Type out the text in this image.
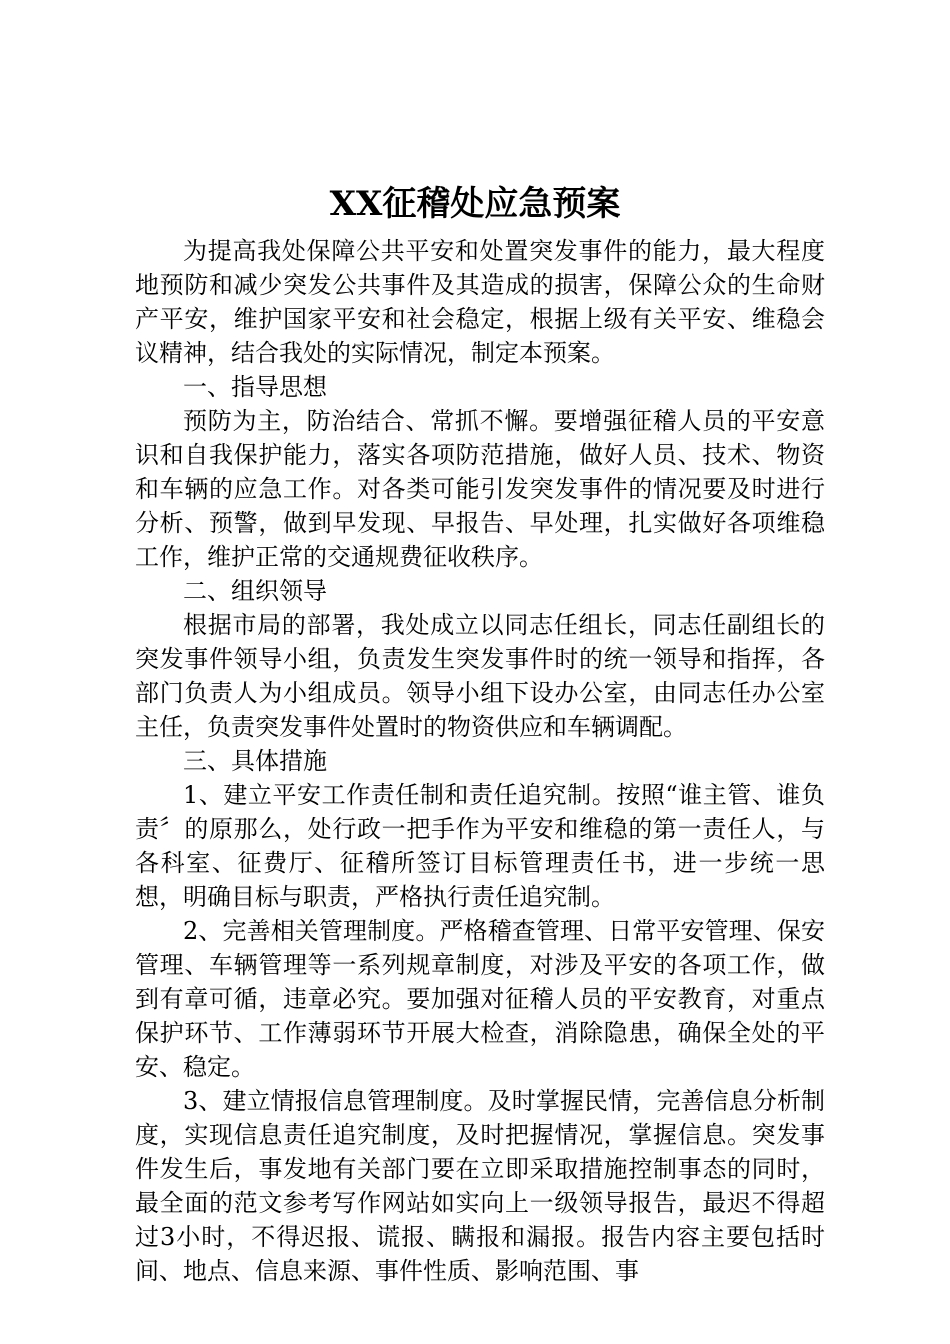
XX征稽处应急预案

为提高我处保障公共平安和处置突发事件的能力，最大程度地预防和减少突发公共事件及其造成的损害，保障公众的生命财产平安，维护国家平安和社会稳定，根据上级有关平安、维稳会议精神，结合我处的实际情况，制定本预案。

一、指导思想

预防为主，防治结合、常抓不懈。要增强征稽人员的平安意识和自我保护能力，落实各项防范措施，做好人员、技术、物资和车辆的应急工作。对各类可能引发突发事件的情况要及时进行分析、预警，做到早发现、早报告、早处理，扎实做好各项维稳工作，维护正常的交通规费征收秩序。

二、组织领导

根据市局的部署，我处成立以同志任组长，同志任副组长的突发事件领导小组，负责发生突发事件时的统一领导和指挥，各部门负责人为小组成员。领导小组下设办公室，由同志任办公室主任，负责突发事件处置时的物资供应和车辆调配。

三、具体措施

1、建立平安工作责任制和责任追究制。按照“谁主管、谁负责〞的原那么，处行政一把手作为平安和维稳的第一责任人，与各科室、征费厅、征稽所签订目标管理责任书，进一步统一思想，明确目标与职责，严格执行责任追究制。

2、完善相关管理制度。严格稽查管理、日常平安管理、保安管理、车辆管理等一系列规章制度，对涉及平安的各项工作，做到有章可循，违章必究。要加强对征稽人员的平安教育，对重点保护环节、工作薄弱环节开展大检查，消除隐患，确保全处的平安、稳定。

3、建立情报信息管理制度。及时掌握民情，完善信息分析制度，实现信息责任追究制度，及时把握情况，掌握信息。突发事件发生后，事发地有关部门要在立即采取措施控制事态的同时，最全面的范文参考写作网站如实向上一级领导报告，最迟不得超过3小时，不得迟报、谎报、瞒报和漏报。报告内容主要包括时间、地点、信息来源、事件性质、影响范围、事
